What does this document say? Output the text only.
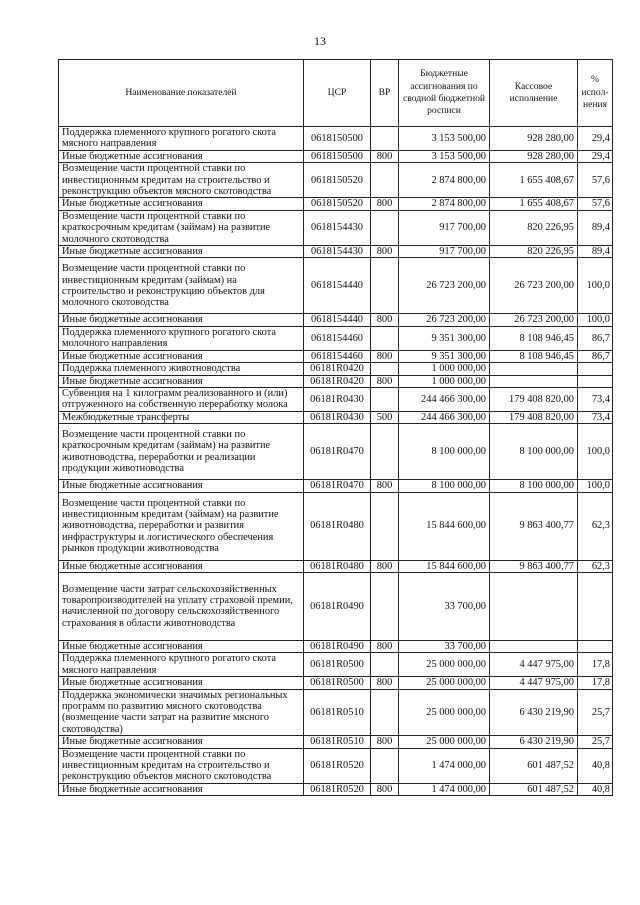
13
Наименование показателей	ЦСР	ВР	Бюджетные ассигнования по сводной бюджетной росписи	Кассовое исполнение	% испол-нения
Поддержка племенного крупного рогатого скота мясного направления	0618150500		3 153 500,00	928 280,00	29,4
Иные бюджетные ассигнования	0618150500	800	3 153 500,00	928 280,00	29,4
Возмещение части процентной ставки по инвестиционным кредитам на строительство и реконструкцию объектов мясного скотоводства	0618150520		2 874 800,00	1 655 408,67	57,6
Иные бюджетные ассигнования	0618150520	800	2 874 800,00	1 655 408,67	57,6
Возмещение части процентной ставки по краткосрочным кредитам (займам) на развитие молочного скотоводства	0618154430		917 700,00	820 226,95	89,4
Иные бюджетные ассигнования	0618154430	800	917 700,00	820 226,95	89,4
Возмещение части процентной ставки по инвестиционным кредитам (займам) на строительство и реконструкцию объектов для молочного скотоводства	0618154440		26 723 200,00	26 723 200,00	100,0
Иные бюджетные ассигнования	0618154440	800	26 723 200,00	26 723 200,00	100,0
Поддержка племенного крупного рогатого скота молочного направления	0618154460		9 351 300,00	8 108 946,45	86,7
Иные бюджетные ассигнования	0618154460	800	9 351 300,00	8 108 946,45	86,7
Поддержка племенного животноводства	06181R0420		1 000 000,00		
Иные бюджетные ассигнования	06181R0420	800	1 000 000,00		
Субвенция на 1 килограмм реализованного и (или) отгруженного на собственную переработку молока	06181R0430		244 466 300,00	179 408 820,00	73,4
Межбюджетные трансферты	06181R0430	500	244 466 300,00	179 408 820,00	73,4
Возмещение части процентной ставки по краткосрочным кредитам (займам) на развитие животноводства, переработки и реализации продукции животноводства	06181R0470		8 100 000,00	8 100 000,00	100,0
Иные бюджетные ассигнования	06181R0470	800	8 100 000,00	8 100 000,00	100,0
Возмещение части процентной ставки по инвестиционным кредитам (займам) на развитие животноводства, переработки и развития инфраструктуры и логистического обеспечения рынков продукции животноводства	06181R0480		15 844 600,00	9 863 400,77	62,3
Иные бюджетные ассигнования	06181R0480	800	15 844 600,00	9 863 400,77	62,3
Возмещение части затрат сельскохозяйственных товаропроизводителей на уплату страховой премии, начисленной по договору сельскохозяйственного страхования в области животноводства	06181R0490		33 700,00		
Иные бюджетные ассигнования	06181R0490	800	33 700,00		
Поддержка племенного крупного рогатого скота мясного направления	06181R0500		25 000 000,00	4 447 975,00	17,8
Иные бюджетные ассигнования	06181R0500	800	25 000 000,00	4 447 975,00	17,8
Поддержка экономически значимых региональных программ по развитию мясного скотоводства (возмещение части затрат на развитие мясного скотоводства)	06181R0510		25 000 000,00	6 430 219,90	25,7
Иные бюджетные ассигнования	06181R0510	800	25 000 000,00	6 430 219,90	25,7
Возмещение части процентной ставки по инвестиционным кредитам на строительство и реконструкцию объектов мясного скотоводства	06181R0520		1 474 000,00	601 487,52	40,8
Иные бюджетные ассигнования	06181R0520	800	1 474 000,00	601 487,52	40,8
